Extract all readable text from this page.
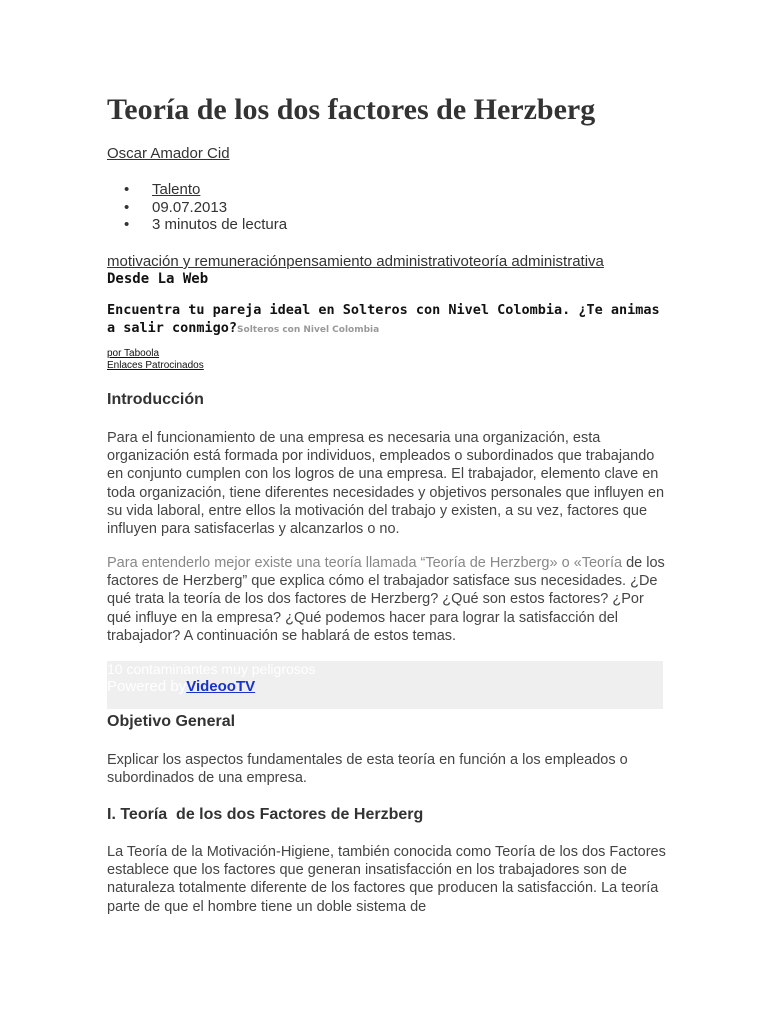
Teoría de los dos factores de Herzberg
Oscar Amador Cid
• Talento
• 09.07.2013
• 3 minutos de lectura
motivación y remuneraciónpensamiento administrativoteoría administrativa
Desde La Web
Encuentra tu pareja ideal en Solteros con Nivel Colombia. ¿Te animas a salir conmigo?Solteros con Nivel Colombia
por Taboola
Enlaces Patrocinados
Introducción

Para el funcionamiento de una empresa es necesaria una organización, esta organización está formada por individuos, empleados o subordinados que trabajando en conjunto cumplen con los logros de una empresa. El trabajador, elemento clave en toda organización, tiene diferentes necesidades y objetivos personales que influyen en su vida laboral, entre ellos la motivación del trabajo y existen, a su vez, factores que influyen para satisfacerlas y alcanzarlos o no.

Para entenderlo mejor existe una teoría llamada “Teoría de Herzberg» o «Teoría de los factores de Herzberg” que explica cómo el trabajador satisface sus necesidades. ¿De qué trata la teoría de los dos factores de Herzberg? ¿Qué son estos factores? ¿Por qué influye en la empresa? ¿Qué podemos hacer para lograr la satisfacción del trabajador? A continuación se hablará de estos temas.

10 contaminantes muy peligrosos
Powered byVideooTV
Objetivo General

Explicar los aspectos fundamentales de esta teoría en función a los empleados o subordinados de una empresa.

I. Teoría  de los dos Factores de Herzberg

La Teoría de la Motivación-Higiene, también conocida como Teoría de los dos Factores establece que los factores que generan insatisfacción en los trabajadores son de naturaleza totalmente diferente de los factores que producen la satisfacción. La teoría parte de que el hombre tiene un doble sistema de
